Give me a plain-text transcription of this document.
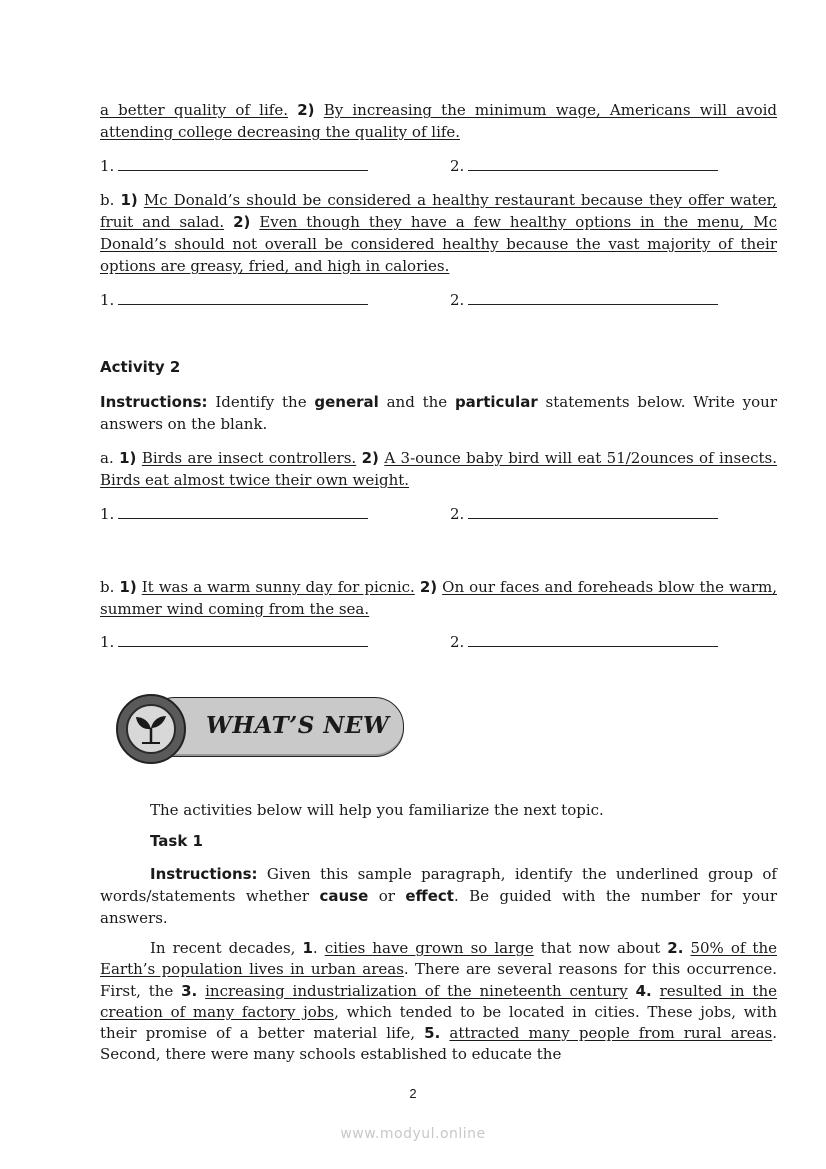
a better quality of life. 2) By increasing the minimum wage, Americans will avoid attending college decreasing the quality of life.

1.	2.

b. 1) Mc Donald’s should be considered a healthy restaurant because they offer water, fruit and salad. 2) Even though they have a few healthy options in the menu, Mc Donald’s should not overall be considered healthy because the vast majority of their options are greasy, fried, and high in calories.

1.	2.
Activity 2

Instructions: Identify the general and the particular statements below. Write your answers on the blank.

a. 1) Birds are insect controllers. 2) A 3-ounce baby bird will eat 51/2ounces of insects. Birds eat almost twice their own weight.

1.	2.

b. 1) It was a warm sunny day for picnic. 2) On our faces and foreheads blow the warm, summer wind coming from the sea.

1.	2.
WHAT’S NEW

The activities below will help you familiarize the next topic.

Task 1

Instructions: Given this sample paragraph, identify the underlined group of words/statements whether cause or effect. Be guided with the number for your answers.

In recent decades, 1. cities have grown so large that now about 2. 50% of the Earth’s population lives in urban areas. There are several reasons for this occurrence. First, the 3. increasing industrialization of the nineteenth century 4. resulted in the creation of many factory jobs, which tended to be located in cities. These jobs, with their promise of a better material life, 5. attracted many people from rural areas. Second, there were many schools established to educate the

2
www.modyul.online
